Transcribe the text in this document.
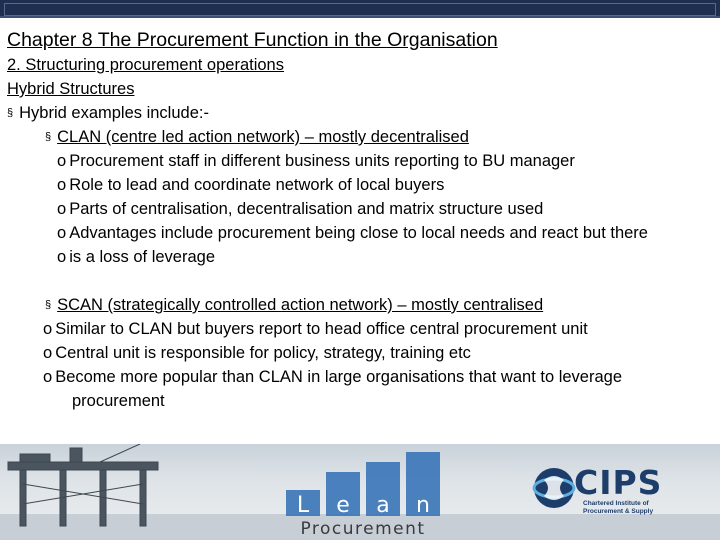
Chapter 8 The Procurement Function in the Organisation
2. Structuring procurement operations
Hybrid Structures
§ Hybrid examples include:-
§ CLAN (centre led action network) – mostly decentralised
o Procurement staff in different business units reporting to BU manager
o Role to lead and coordinate network of local buyers
o Parts of centralisation, decentralisation and matrix structure used
o Advantages include procurement being close to local needs and react but there
o is a loss of leverage
§ SCAN (strategically controlled action network) – mostly centralised
o Similar to CLAN but buyers report to head office central procurement unit
o Central unit is responsible for policy, strategy, training etc
o Become more popular than CLAN in large organisations that want to leverage
procurement
L e a n
Procurement
CIPS
Chartered Institute of
Procurement & Supply
